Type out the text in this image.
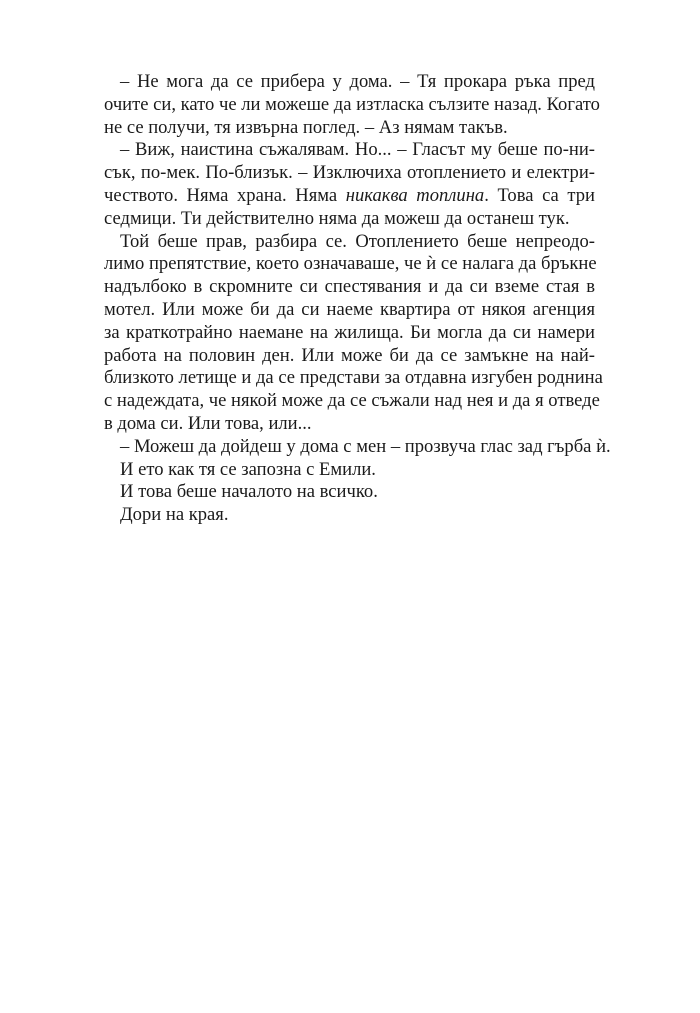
– Не мога да се прибера у дома. – Тя прокара ръка пред
очите си, като че ли можеше да изтласка сълзите назад. Когато
не се получи, тя извърна поглед. – Аз нямам такъв.
– Виж, наистина съжалявам. Но... – Гласът му беше по-ни-
сък, по-мек. По-близък. – Изключиха отоплението и електри-
чеството. Няма храна. Няма никаква топлина. Това са три
седмици. Ти действително няма да можеш да останеш тук.
Той беше прав, разбира се. Отоплението беше непреодо-
лимо препятствие, което означаваше, че ѝ се налага да бръкне
надълбоко в скромните си спестявания и да си вземе стая в
мотел. Или може би да си наеме квартира от някоя агенция
за краткотрайно наемане на жилища. Би могла да си намери
работа на половин ден. Или може би да се замъкне на най-
близкото летище и да се представи за отдавна изгубен роднина
с надеждата, че някой може да се съжали над нея и да я отведе
в дома си. Или това, или...
– Можеш да дойдеш у дома с мен – прозвуча глас зад гърба ѝ.
И ето как тя се запозна с Емили.
И това беше началото на всичко.
Дори на края.
